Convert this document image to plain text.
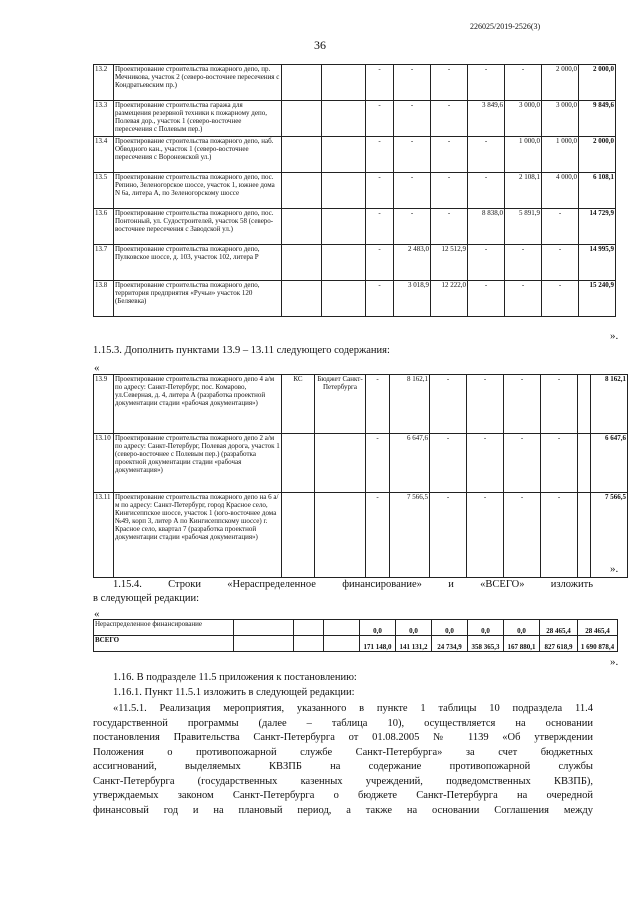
226025/2019-2526(3)
36
13.2	Проектирование строительства пожарного депо, пр. Мечникова, участок 2 (северо-восточнее пересечения с Кондратьевским пр.)			-	-	-	-	-	2 000,0	2 000,0
13.3	Проектирование строительства гаража для размещения резервной техники к пожарному депо, Полевая дор., участок 1 (северо-восточнее пересечения с Полевым пер.)			-	-	-	3 849,6	3 000,0	3 000,0	9 849,6
13.4	Проектирование строительства пожарного депо, наб. Обводного кан., участок 1 (северо-восточнее пересечения с Воронежской ул.)			-	-	-	-	1 000,0	1 000,0	2 000,0
13.5	Проектирование строительства пожарного депо, пос. Репино, Зеленогорское шоссе, участок 1, южнее дома N 6а, литера А, по Зеленогорскому шоссе			-	-	-	-	2 108,1	4 000,0	6 108,1
13.6	Проектирование строительства пожарного депо, пос. Понтонный, ул. Судостроителей, участок 58 (северо-восточнее пересечения с Заводской ул.)			-	-	-	8 838,0	5 891,9	-	14 729,9
13.7	Проектирование строительства пожарного депо, Пулковское шоссе, д. 103, участок 102, литера Р			-	2 483,0	12 512,9	-	-	-	14 995,9
13.8	Проектирование строительства пожарного депо, территория предприятия «Ручьи» участок 120 (Беляевка)			-	3 018,9	12 222,0	-	-	-	15 240,9
».
1.15.3. Дополнить пунктами 13.9 – 13.11 следующего содержания:
«
13.9	Проектирование строительства пожарного депо 4 а/м по адресу: Санкт-Петербург, пос. Комарово, ул.Северная, д. 4, литера А (разработка проектной документации стадии «рабочая документация»)	КС	Бюджет Санкт-Петербурга	-	8 162,1	-	-	-	-		8 162,1
13.10	Проектирование строительства пожарного депо 2 а/м по адресу: Санкт-Петербург, Полевая дорога, участок 1 (северо-восточнее с Полевым пер.) (разработка проектной документации стадии «рабочая документация»)			-	6 647,6	-	-	-	-		6 647,6
13.11	Проектирование строительства пожарного депо на 6 а/м по адресу: Санкт-Петербург, город Красное село, Кингисеппское шоссе, участок 1 (юго-восточнее дома №49, корп 3, литер А по Кингисеппскому шоссе) г. Красное село, квартал 7 (разработка проектной документации стадии «рабочая документация»)			-	7 566,5	-	-	-	-		7 566,5
».
1.15.4. Строки «Нераспределенное финансирование» и «ВСЕГО» изложить
в следующей редакции:
«
Нераспределенное финансирование				0,0	0,0	0,0	0,0	0,0	28 465,4	28 465,4
ВСЕГО				171 148,0	141 131,2	24 734,9	358 365,3	167 880,1	827 618,9	1 690 878,4
».
1.16. В подразделе 11.5 приложения к постановлению:
1.16.1. Пункт 11.5.1 изложить в следующей редакции:
«11.5.1. Реализация мероприятия, указанного в пункте 1 таблицы 10 подраздела 11.4
государственной программы (далее – таблица 10), осуществляется на основании
постановления Правительства Санкт-Петербурга от 01.08.2005 № 1139 «Об утверждении
Положения о противопожарной службе Санкт-Петербурга» за счет бюджетных
ассигнований, выделяемых КВЗПБ на содержание противопожарной службы
Санкт-Петербурга (государственных казенных учреждений, подведомственных КВЗПБ),
утверждаемых законом Санкт-Петербурга о бюджете Санкт-Петербурга на очередной
финансовый год и на плановый период, а также на основании Соглашения между
